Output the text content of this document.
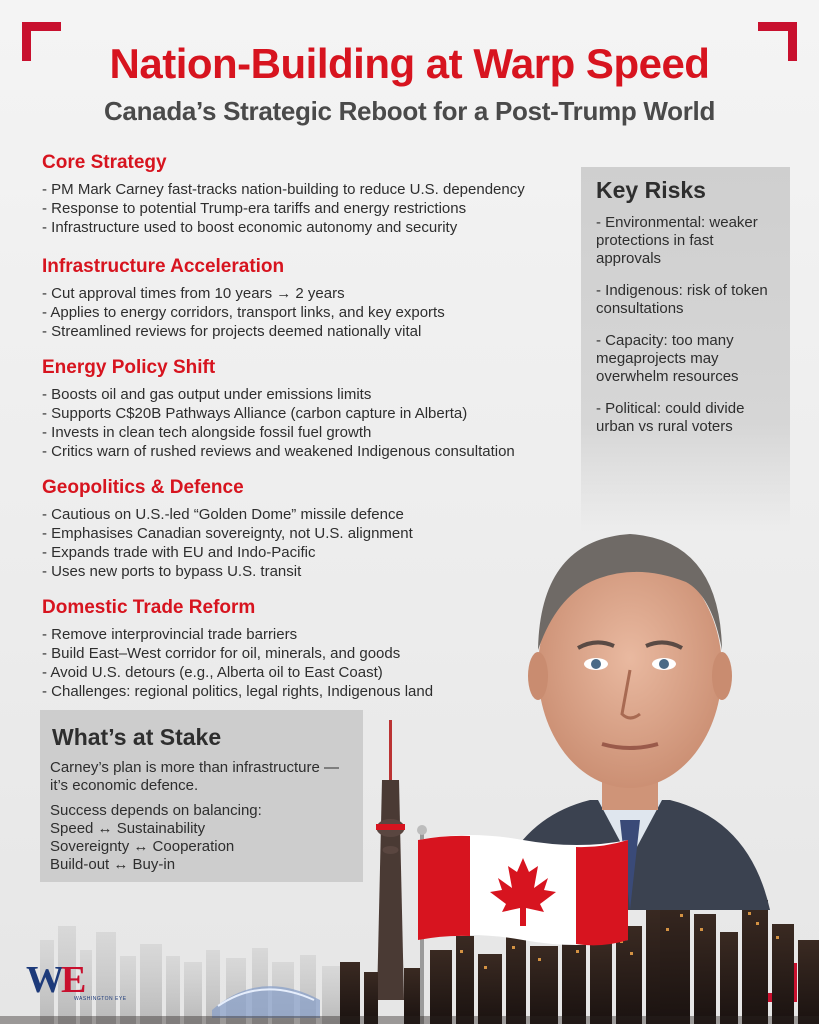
Nation-Building at Warp Speed
Canada’s Strategic Reboot for a Post-Trump World
Core Strategy
- PM Mark Carney fast-tracks nation-building to reduce U.S. dependency
- Response to potential Trump-era tariffs and energy restrictions
- Infrastructure used to boost economic autonomy and security
Infrastructure Acceleration
- Cut approval times from 10 years → 2 years
- Applies to energy corridors, transport links, and key exports
- Streamlined reviews for projects deemed nationally vital
Energy Policy Shift
- Boosts oil and gas output under emissions limits
- Supports C$20B Pathways Alliance (carbon capture in Alberta)
- Invests in clean tech alongside fossil fuel growth
- Critics warn of rushed reviews and weakened Indigenous consultation
Geopolitics & Defence
- Cautious on U.S.-led “Golden Dome” missile defence
- Emphasises Canadian sovereignty, not U.S. alignment
- Expands trade with EU and Indo-Pacific
- Uses new ports to bypass U.S. transit
Domestic Trade Reform
- Remove interprovincial trade barriers
- Build East–West corridor for oil, minerals, and goods
- Avoid U.S. detours (e.g., Alberta oil to East Coast)
- Challenges: regional politics, legal rights, Indigenous land
Key Risks
- Environmental: weaker protections in fast approvals
- Indigenous: risk of token consultations
- Capacity: too many megaprojects may overwhelm resources
- Political: could divide urban vs rural voters
What’s at Stake

Carney’s plan is more than infrastructure —it’s economic defence.

Success depends on balancing:

Speed ↔ Sustainability

Sovereignty ↔ Cooperation

Build-out ↔ Buy-in

WE
WASHINGTON EYE
